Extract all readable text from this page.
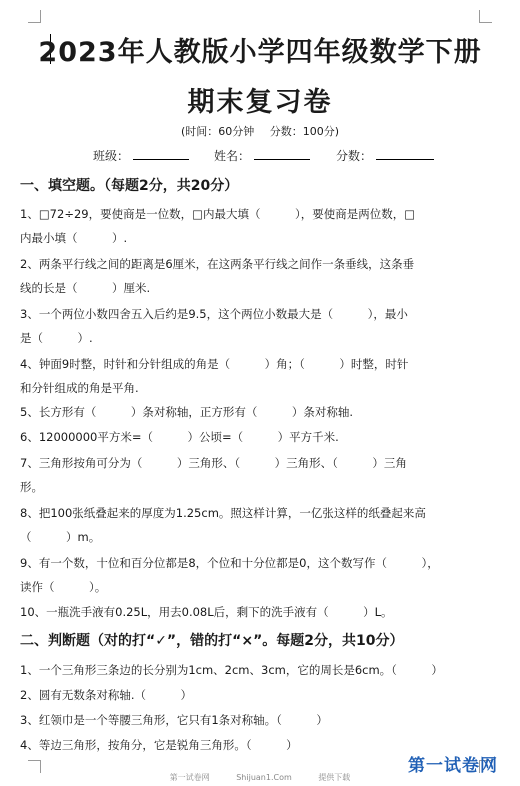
2023年人教版小学四年级数学下册
期末复习卷
(时间：60分钟 分数：100分)
班级：	姓名：	分数：
一、填空题。（每题2分，共20分）
1、□72÷29，要使商是一位数，□内最大填（　　　），要使商是两位数，□
内最小填（　　　）.
2、两条平行线之间的距离是6厘米，在这两条平行线之间作一条垂线，这条垂
线的长是（　　　）厘米.
3、一个两位小数四舍五入后约是9.5，这个两位小数最大是（　　　），最小
是（　　　）.
4、钟面9时整，时针和分针组成的角是（　　　）角；（　　　）时整，时针
和分针组成的角是平角.
5、长方形有（　　　）条对称轴，正方形有（　　　）条对称轴.
6、12000000平方米=（　　　）公顷=（　　　）平方千米.
7、三角形按角可分为（　　　）三角形、（　　　）三角形、（　　　）三角
形。
8、把100张纸叠起来的厚度为1.25cm。照这样计算，一亿张这样的纸叠起来高
（　　　）m。
9、有一个数，十位和百分位都是8，个位和十分位都是0，这个数写作（　　　），
读作（　　　）。
10、一瓶洗手液有0.25L，用去0.08L后，剩下的洗手液有（　　　）L。
二、判断题（对的打“✓”，错的打“×”。每题2分，共10分）
1、一个三角形三条边的长分别为1cm、2cm、3cm，它的周长是6cm。（　　　）
2、圆有无数条对称轴.（　　　）
3、红领巾是一个等腰三角形，它只有1条对称轴。（　　　）
4、等边三角形，按角分，它是锐角三角形。（　　　）
第一试卷网	Shijuan1.Com	提供下载
第一试卷网
